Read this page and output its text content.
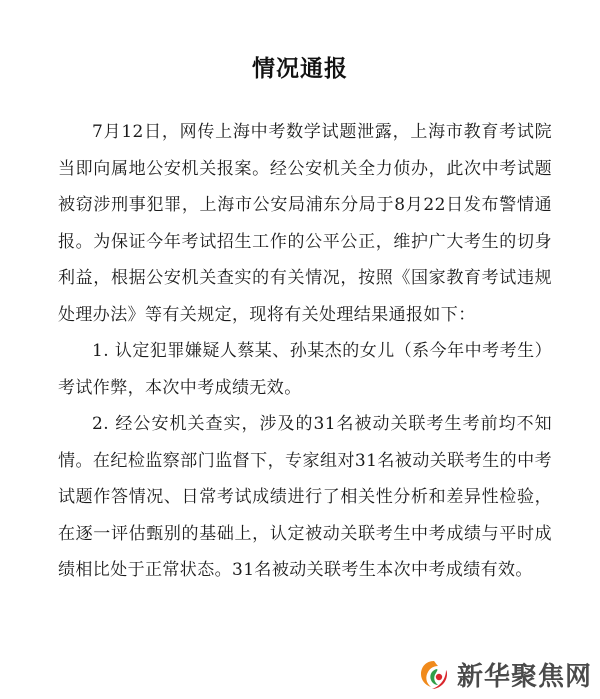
情况通报

7月12日，网传上海中考数学试题泄露，上海市教育考试院当即向属地公安机关报案。经公安机关全力侦办，此次中考试题被窃涉刑事犯罪，上海市公安局浦东分局于8月22日发布警情通报。为保证今年考试招生工作的公平公正，维护广大考生的切身利益，根据公安机关查实的有关情况，按照《国家教育考试违规处理办法》等有关规定，现将有关处理结果通报如下：

1. 认定犯罪嫌疑人蔡某、孙某杰的女儿（系今年中考考生）考试作弊，本次中考成绩无效。

2. 经公安机关查实，涉及的31名被动关联考生考前均不知情。在纪检监察部门监督下，专家组对31名被动关联考生的中考试题作答情况、日常考试成绩进行了相关性分析和差异性检验，在逐一评估甄别的基础上，认定被动关联考生中考成绩与平时成绩相比处于正常状态。31名被动关联考生本次中考成绩有效。

新华聚焦网
